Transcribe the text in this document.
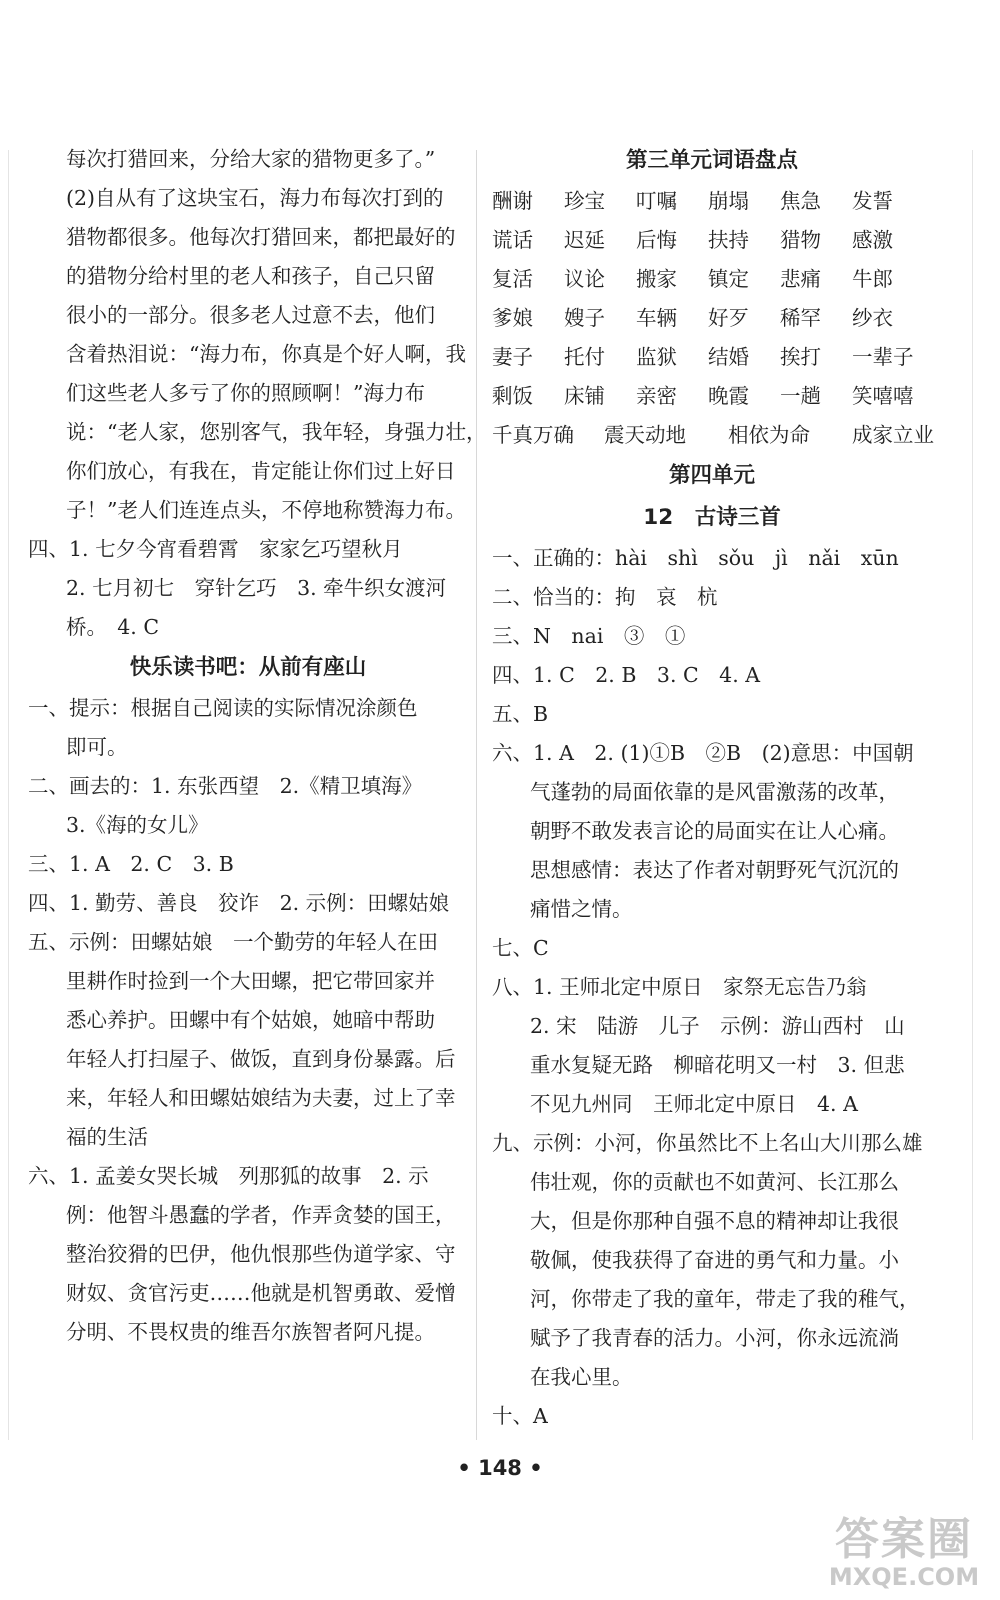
每次打猎回来，分给大家的猎物更多了。”
(2)自从有了这块宝石，海力布每次打到的
猎物都很多。他每次打猎回来，都把最好的
的猎物分给村里的老人和孩子，自己只留
很小的一部分。很多老人过意不去，他们
含着热泪说：“海力布，你真是个好人啊，我
们这些老人多亏了你的照顾啊！”海力布
说：“老人家，您别客气，我年轻，身强力壮，
你们放心，有我在，肯定能让你们过上好日
子！”老人们连连点头，不停地称赞海力布。
四、1. 七夕今宵看碧霄　家家乞巧望秋月
2. 七月初七　穿针乞巧　3. 牵牛织女渡河
桥。　4. C
快乐读书吧：从前有座山
一、提示：根据自己阅读的实际情况涂颜色
即可。
二、画去的：1. 东张西望　2.《精卫填海》
3.《海的女儿》
三、1. A　2. C　3. B
四、1. 勤劳、善良　狡诈　2. 示例：田螺姑娘
五、示例：田螺姑娘　一个勤劳的年轻人在田
里耕作时捡到一个大田螺，把它带回家并
悉心养护。田螺中有个姑娘，她暗中帮助
年轻人打扫屋子、做饭，直到身份暴露。后
来，年轻人和田螺姑娘结为夫妻，过上了幸
福的生活
六、1. 孟姜女哭长城　列那狐的故事　2. 示
例：他智斗愚蠢的学者，作弄贪婪的国王，
整治狡猾的巴伊，他仇恨那些伪道学家、守
财奴、贪官污吏……他就是机智勇敢、爱憎
分明、不畏权贵的维吾尔族智者阿凡提。
第三单元词语盘点
酬谢	珍宝	叮嘱	崩塌	焦急	发誓
谎话	迟延	后悔	扶持	猎物	感激
复活	议论	搬家	镇定	悲痛	牛郎
爹娘	嫂子	车辆	好歹	稀罕	纱衣
妻子	托付	监狱	结婚	挨打	一辈子
剩饭	床铺	亲密	晚霞	一趟	笑嘻嘻
千真万确	震天动地	相依为命	成家立业
第四单元
12　古诗三首
一、正确的：hài　shì　sǒu　jì　nǎi　xūn
二、恰当的：拘　哀　杭
三、N　nai　③　①
四、1. C　2. B　3. C　4. A
五、B
六、1. A　2. (1)①B　②B　(2)意思：中国朝
气蓬勃的局面依靠的是风雷激荡的改革，
朝野不敢发表言论的局面实在让人心痛。
思想感情：表达了作者对朝野死气沉沉的
痛惜之情。
七、C
八、1. 王师北定中原日　家祭无忘告乃翁
2. 宋　陆游　儿子　示例：游山西村　山
重水复疑无路　柳暗花明又一村　3. 但悲
不见九州同　王师北定中原日　4. A
九、示例：小河，你虽然比不上名山大川那么雄
伟壮观，你的贡献也不如黄河、长江那么
大，但是你那种自强不息的精神却让我很
敬佩，使我获得了奋进的勇气和力量。小
河，你带走了我的童年，带走了我的稚气，
赋予了我青春的活力。小河，你永远流淌
在我心里。
十、A
• 148 •
答案圈
MXQE.COM
